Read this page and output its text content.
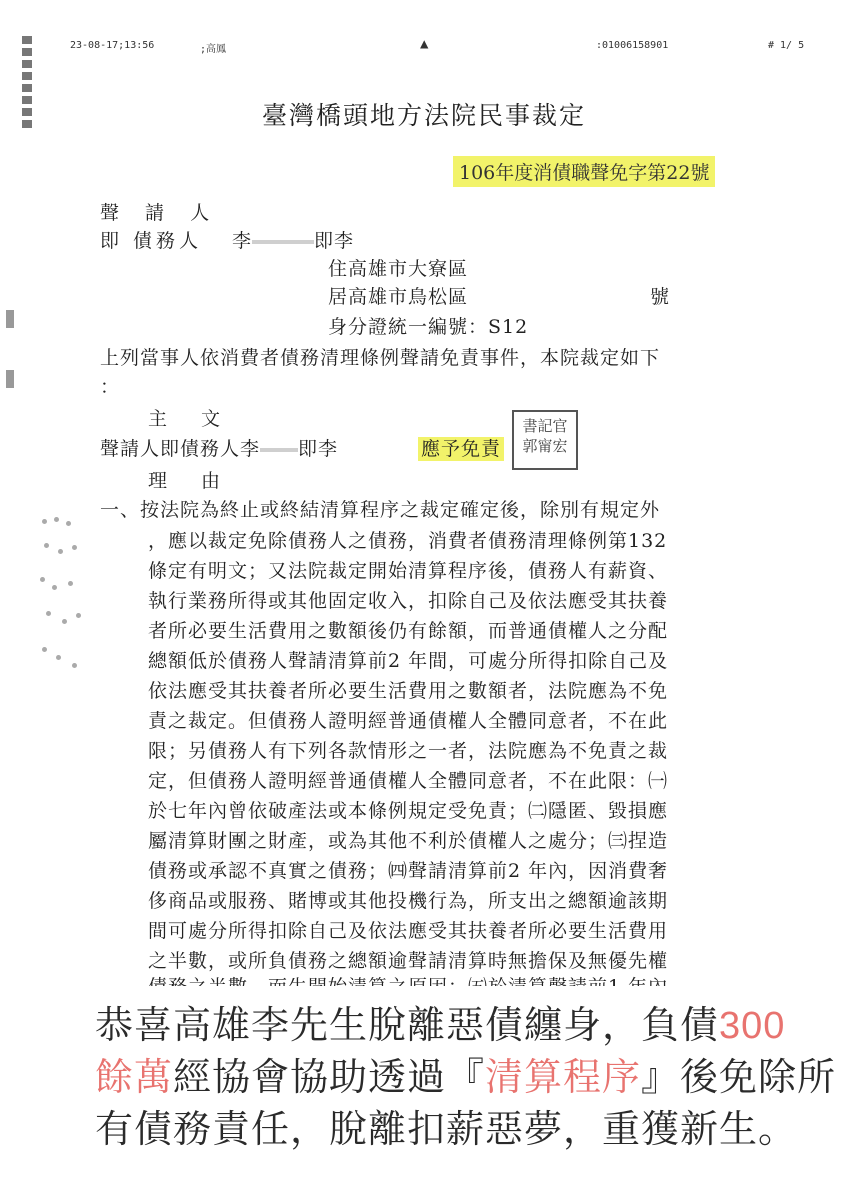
23-08-17;13:56	;高鳳	▲	:01006158901	# 1/ 5
臺灣橋頭地方法院民事裁定
106年度消債職聲免字第22號
聲 請 人
即 債務人 李	即李
住高雄市大寮區
居高雄市鳥松區	號
身分證統一編號：S12
上列當事人依消費者債務清理條例聲請免責事件，本院裁定如下
：
主 文
聲請人即債務人李 即李	應予免責
書記官
郭甯宏
理 由
一、按法院為終止或終結清算程序之裁定確定後，除別有規定外
，應以裁定免除債務人之債務，消費者債務清理條例第132
條定有明文；又法院裁定開始清算程序後，債務人有薪資、
執行業務所得或其他固定收入，扣除自己及依法應受其扶養
者所必要生活費用之數額後仍有餘額，而普通債權人之分配
總額低於債務人聲請清算前2 年間，可處分所得扣除自己及
依法應受其扶養者所必要生活費用之數額者，法院應為不免
責之裁定。但債務人證明經普通債權人全體同意者，不在此
限；另債務人有下列各款情形之一者，法院應為不免責之裁
定，但債務人證明經普通債權人全體同意者，不在此限：㈠
於七年內曾依破產法或本條例規定受免責；㈡隱匿、毀損應
屬清算財團之財產，或為其他不利於債權人之處分；㈢捏造
債務或承認不真實之債務；㈣聲請清算前2 年內，因消費奢
侈商品或服務、賭博或其他投機行為，所支出之總額逾該期
間可處分所得扣除自己及依法應受其扶養者所必要生活費用
之半數，或所負債務之總額逾聲請清算時無擔保及無優先權
恭喜高雄李先生脫離惡債纏身，負債300
餘萬經協會協助透過『清算程序』後免除所
有債務責任，脫離扣薪惡夢，重獲新生。
